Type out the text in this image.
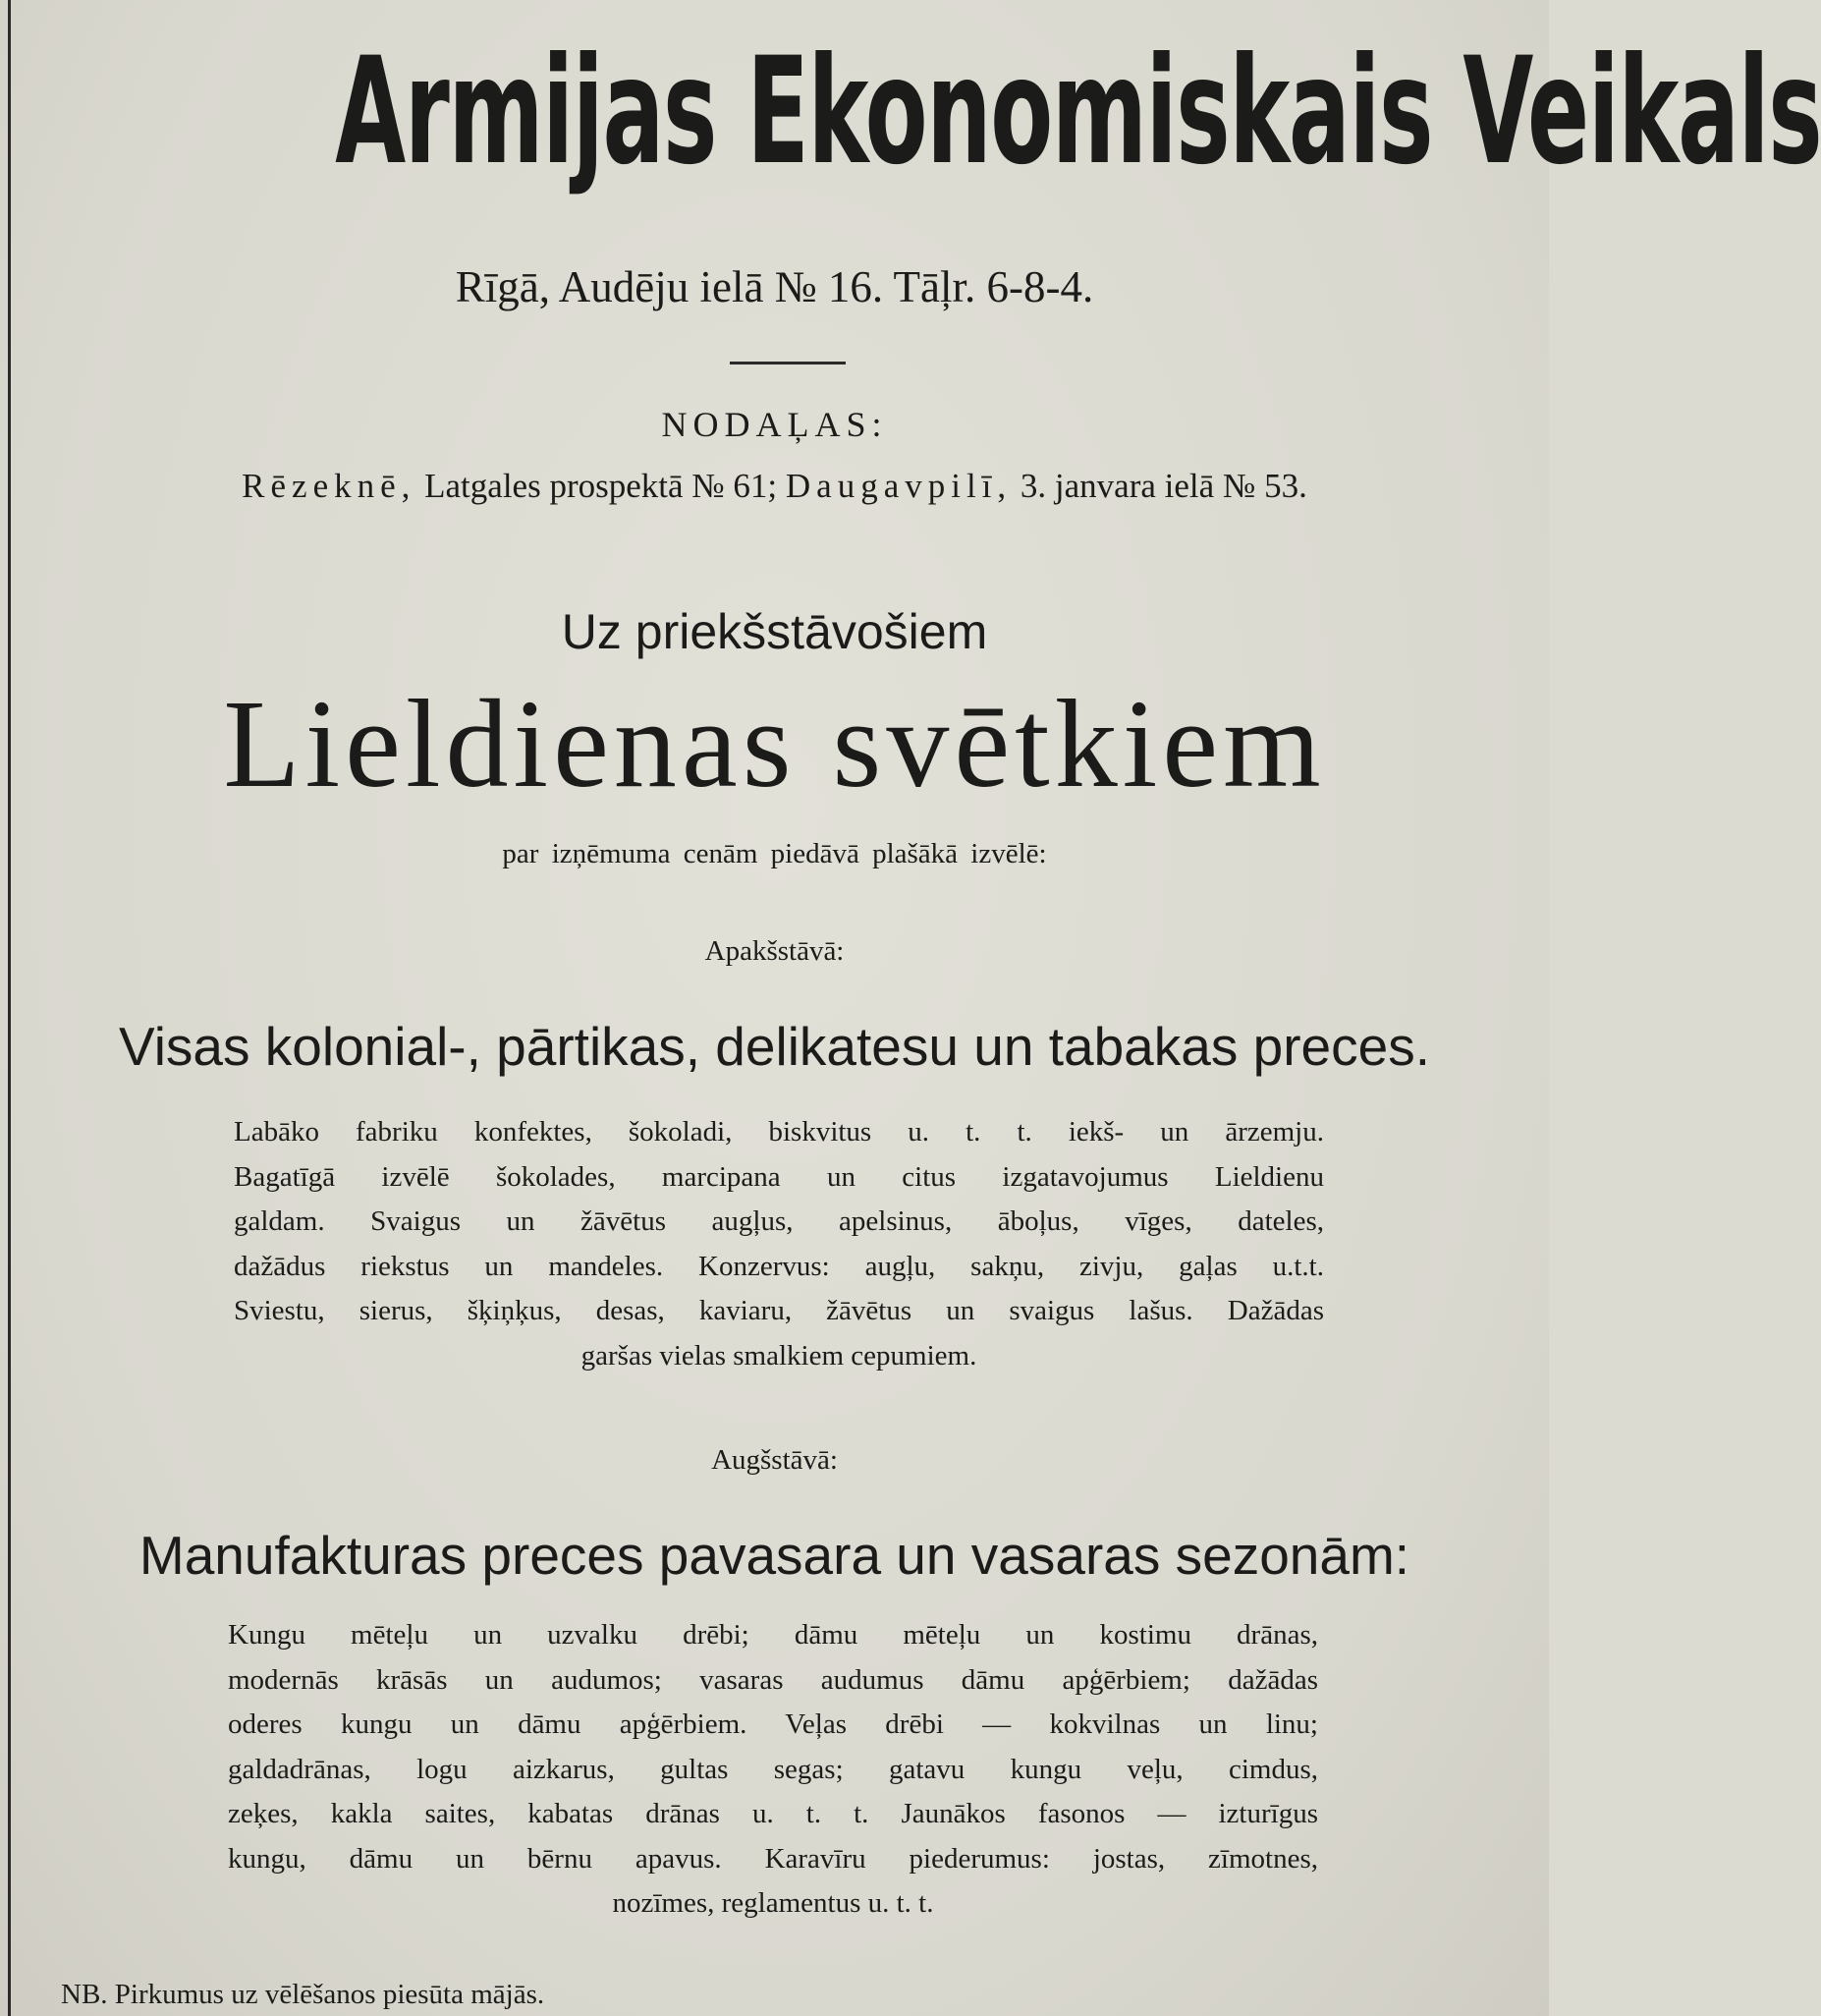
Armijas Ekonomiskais Veikals
Rīgā, Audēju ielā № 16. Tāļr. 6-8-4.
NODAĻAS:
Rēzeknē, Latgales prospektā № 61; Daugavpilī, 3. janvara ielā № 53.
Uz priekšstāvošiem
Lieldienas svētkiem
par izņēmuma cenām piedāvā plašākā izvēlē:
Apakšstāvā:
Visas kolonial-, pārtikas, delikatesu un tabakas preces.
Labāko fabriku konfektes, šokoladi, biskvitus u. t. t. iekš- un ārzemju.
Bagatīgā izvēlē šokolades, marcipana un citus izgatavojumus Lieldienu
galdam. Svaigus un žāvētus augļus, apelsinus, āboļus, vīges, dateles,
dažādus riekstus un mandeles. Konzervus: augļu, sakņu, zivju, gaļas u.t.t.
Sviestu, sierus, šķiņķus, desas, kaviaru, žāvētus un svaigus lašus. Dažādas
garšas vielas smalkiem cepumiem.
Augšstāvā:
Manufakturas preces pavasara un vasaras sezonām:
Kungu mēteļu un uzvalku drēbi; dāmu mēteļu un kostimu drānas,
modernās krāsās un audumos; vasaras audumus dāmu apģērbiem; dažādas
oderes kungu un dāmu apģērbiem. Veļas drēbi — kokvilnas un linu;
galdadrānas, logu aizkarus, gultas segas; gatavu kungu veļu, cimdus,
zeķes, kakla saites, kabatas drānas u. t. t. Jaunākos fasonos — izturīgus
kungu, dāmu un bērnu apavus. Karavīru piederumus: jostas, zīmotnes,
nozīmes, reglamentus u. t. t.
NB. Pirkumus uz vēlēšanos piesūta mājās.
